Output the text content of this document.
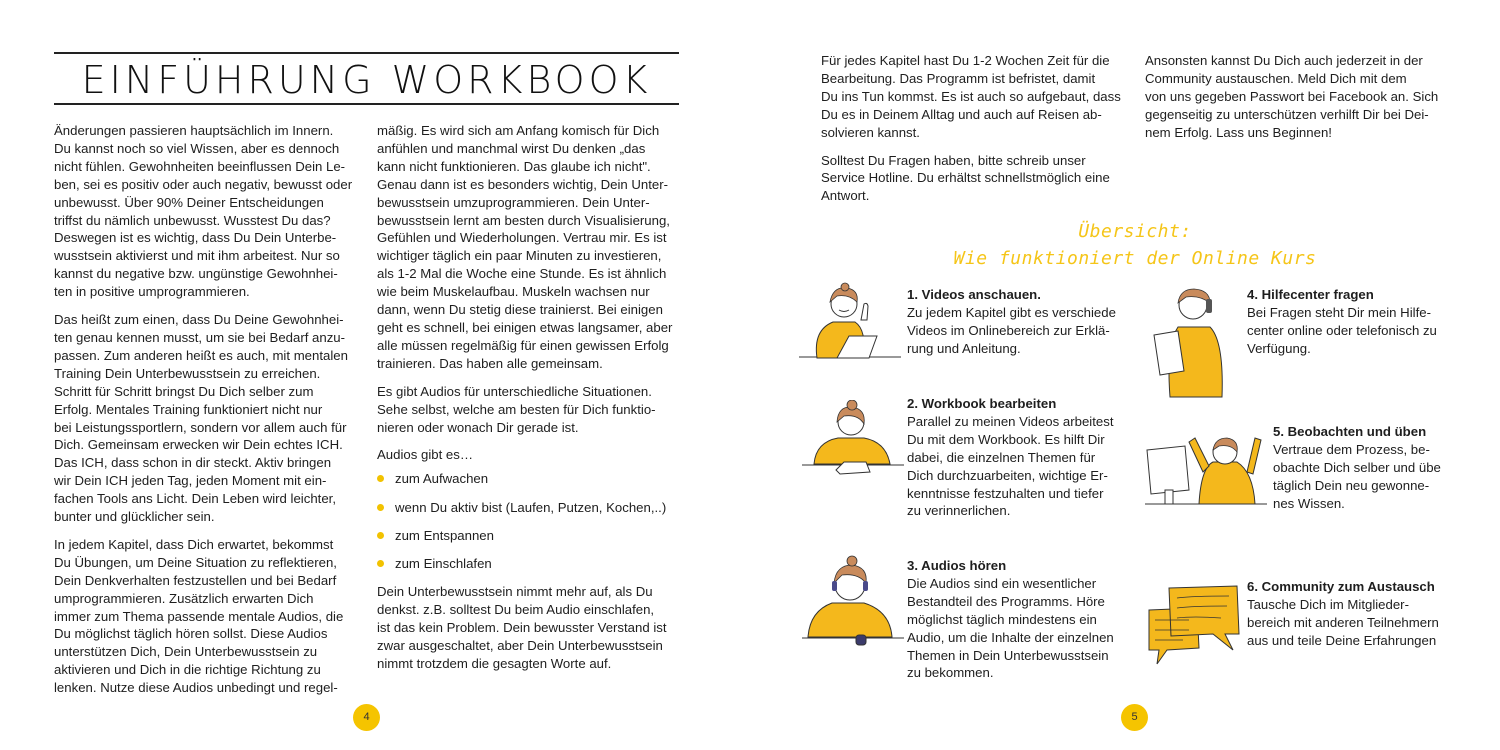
EINFÜHRUNG WORKBOOK

Änderungen passieren hauptsächlich im Innern.
Du kannst noch so viel Wissen, aber es dennoch
nicht fühlen. Gewohnheiten beeinflussen Dein Le-
ben, sei es positiv oder auch negativ, bewusst oder
unbewusst. Über 90% Deiner Entscheidungen
triffst du nämlich unbewusst. Wusstest Du das?
Deswegen ist es wichtig, dass Du Dein Unterbe-
wusstsein aktivierst und mit ihm arbeitest. Nur so
kannst du negative bzw. ungünstige Gewohnhei-
ten in positive umprogrammieren.

Das heißt zum einen, dass Du Deine Gewohnhei-
ten genau kennen musst, um sie bei Bedarf anzu-
passen. Zum anderen heißt es auch, mit mentalen
Training Dein Unterbewusstsein zu erreichen.
Schritt für Schritt bringst Du Dich selber zum
Erfolg. Mentales Training funktioniert nicht nur
bei Leistungssportlern, sondern vor allem auch für
Dich. Gemeinsam erwecken wir Dein echtes ICH.
Das ICH, dass schon in dir steckt. Aktiv bringen
wir Dein ICH jeden Tag, jeden Moment mit ein-
fachen Tools ans Licht. Dein Leben wird leichter,
bunter und glücklicher sein.

In jedem Kapitel, dass Dich erwartet, bekommst
Du Übungen, um Deine Situation zu reflektieren,
Dein Denkverhalten festzustellen und bei Bedarf
umprogrammieren. Zusätzlich erwarten Dich
immer zum Thema passende mentale Audios, die
Du möglichst täglich hören sollst. Diese Audios
unterstützen Dich, Dein Unterbewusstsein zu
aktivieren und Dich in die richtige Richtung zu
lenken. Nutze diese Audios unbedingt und regel-

mäßig. Es wird sich am Anfang komisch für Dich
anfühlen und manchmal wirst Du denken „das
kann nicht funktionieren. Das glaube ich nicht".
Genau dann ist es besonders wichtig, Dein Unter-
bewusstsein umzuprogrammieren. Dein Unter-
bewusstsein lernt am besten durch Visualisierung,
Gefühlen und Wiederholungen. Vertrau mir. Es ist
wichtiger täglich ein paar Minuten zu investieren,
als 1-2 Mal die Woche eine Stunde. Es ist ähnlich
wie beim Muskelaufbau. Muskeln wachsen nur
dann, wenn Du stetig diese trainierst. Bei einigen
geht es schnell, bei einigen etwas langsamer, aber
alle müssen regelmäßig für einen gewissen Erfolg
trainieren. Das haben alle gemeinsam.

Es gibt Audios für unterschiedliche Situationen.
Sehe selbst, welche am besten für Dich funktio-
nieren oder wonach Dir gerade ist.

Audios gibt es…

zum Aufwachen
wenn Du aktiv bist (Laufen, Putzen, Kochen,..)
zum Entspannen
zum Einschlafen

Dein Unterbewusstsein nimmt mehr auf, als Du
denkst. z.B. solltest Du beim Audio einschlafen,
ist das kein Problem. Dein bewusster Verstand ist
zwar ausgeschaltet, aber Dein Unterbewusstsein
nimmt trotzdem die gesagten Worte auf.

4

Für jedes Kapitel hast Du 1-2 Wochen Zeit für die
Bearbeitung. Das Programm ist befristet, damit
Du ins Tun kommst. Es ist auch so aufgebaut, dass
Du es in Deinem Alltag und auch auf Reisen ab-
solvieren kannst.

Solltest Du Fragen haben, bitte schreib unser
Service Hotline. Du erhältst schnellstmöglich eine
Antwort.

Ansonsten kannst Du Dich auch jederzeit in der
Community austauschen. Meld Dich mit dem
von uns gegeben Passwort bei Facebook an. Sich
gegenseitig zu unterschützen verhilft Dir bei Dei-
nem Erfolg. Lass uns Beginnen!

Übersicht:
Wie funktioniert der Online Kurs
1. Videos anschauen.
Zu jedem Kapitel gibt es verschiede
Videos im Onlinebereich zur Erklä-
rung und Anleitung.
2. Workbook bearbeiten
Parallel zu meinen Videos arbeitest
Du mit dem Workbook. Es hilft Dir
dabei, die einzelnen Themen für
Dich durchzuarbeiten, wichtige Er-
kenntnisse festzuhalten und tiefer
zu verinnerlichen.
3. Audios hören
Die Audios sind ein wesentlicher
Bestandteil des Programms. Höre
möglichst täglich mindestens ein
Audio, um die Inhalte der einzelnen
Themen in Dein Unterbewusstsein
zu bekommen.
4. Hilfecenter fragen
Bei Fragen steht Dir mein Hilfe-
center online oder telefonisch zu
Verfügung.
5. Beobachten und üben
Vertraue dem Prozess, be-
obachte Dich selber und übe
täglich Dein neu gewonne-
nes Wissen.
6. Community zum Austausch
Tausche Dich im Mitglieder-
bereich mit anderen Teilnehmern
aus und teile Deine Erfahrungen
5
